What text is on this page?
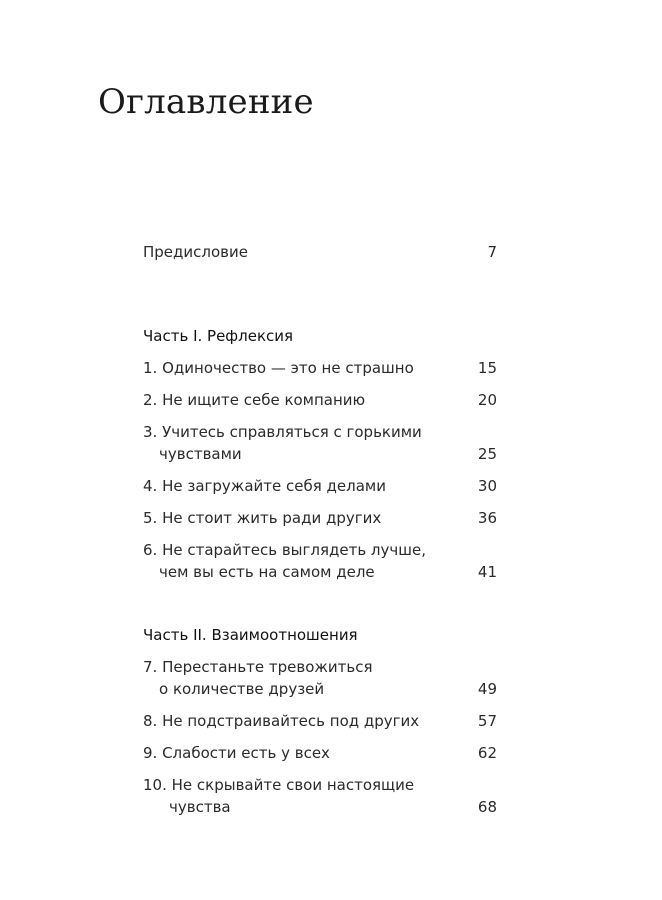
Оглавление
Предисловие	7
Часть I. Рефлексия
1. Одиночество — это не страшно	15
2. Не ищите себе компанию	20
3. Учитесь справляться с горькими
чувствами	25
4. Не загружайте себя делами	30
5. Не стоит жить ради других	36
6. Не старайтесь выглядеть лучше,
чем вы есть на самом деле	41
Часть II. Взаимоотношения
7. Перестаньте тревожиться
о количестве друзей	49
8. Не подстраивайтесь под других	57
9. Слабости есть у всех	62
10. Не скрывайте свои настоящие
чувства	68
